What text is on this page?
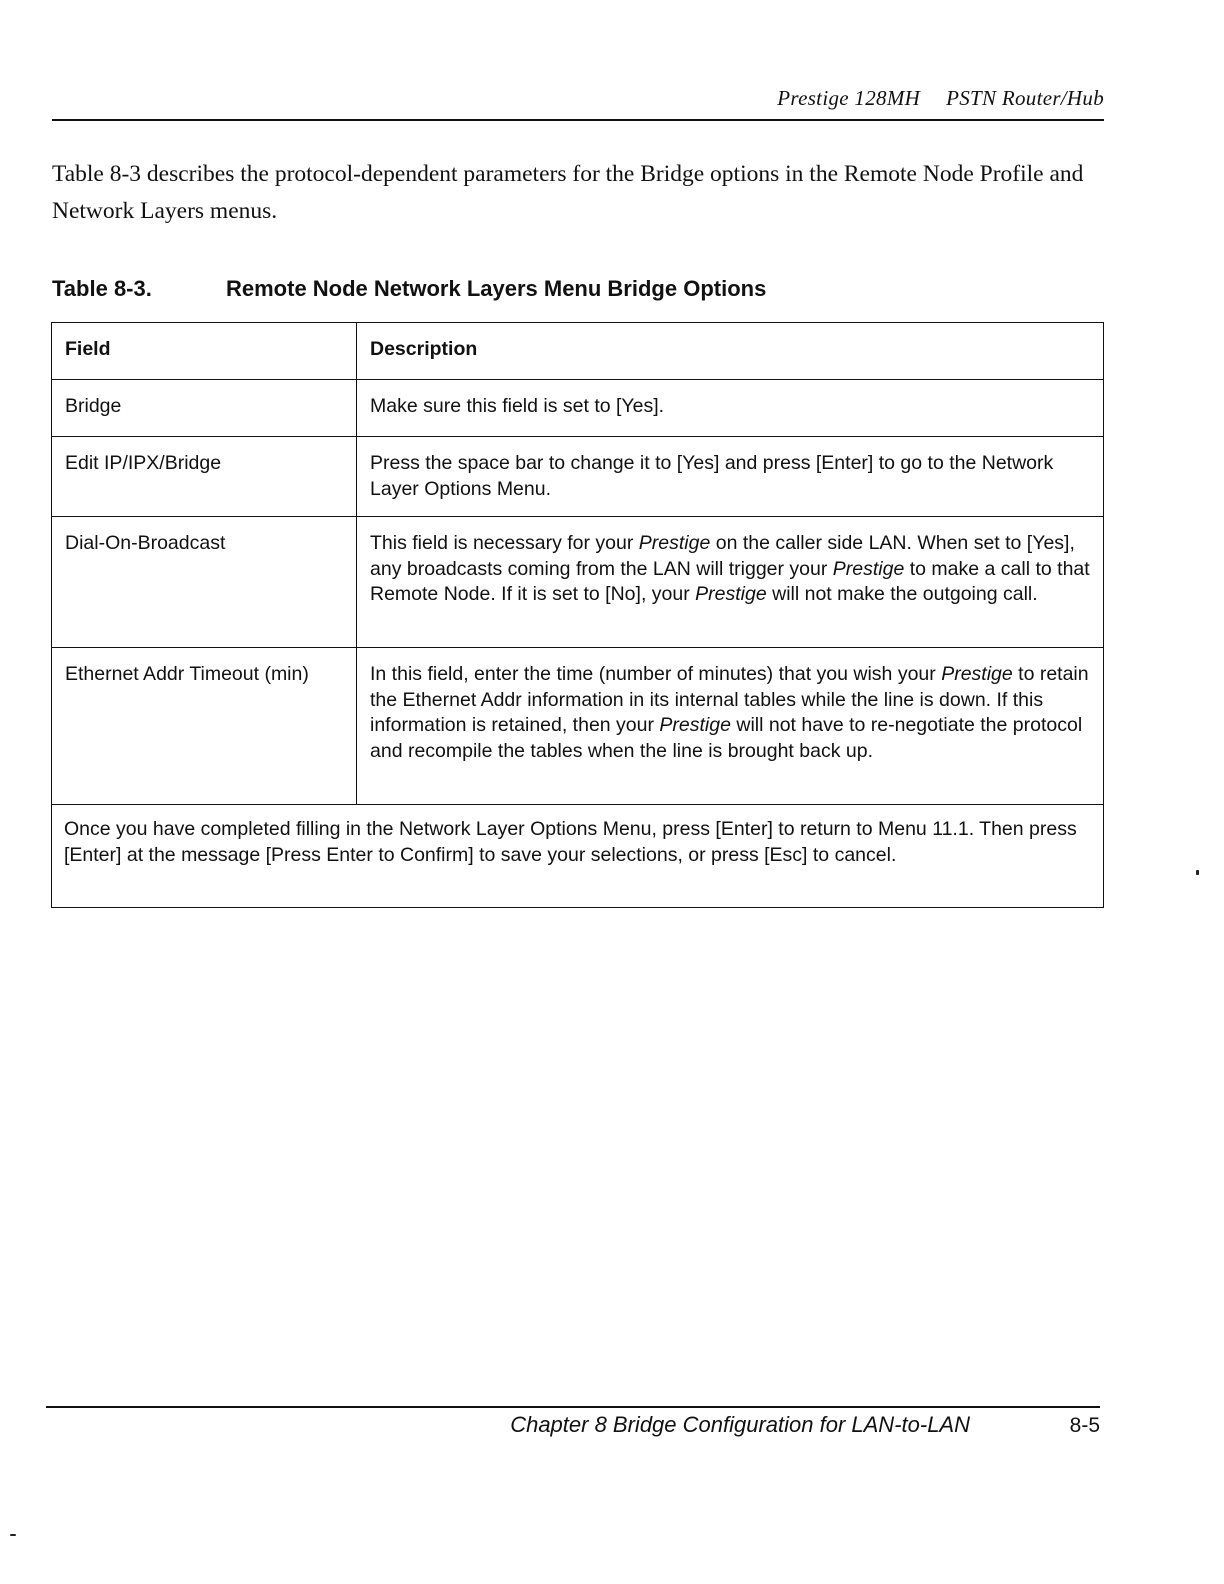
Prestige 128MH PSTN Router/Hub

Table 8-3 describes the protocol-dependent parameters for the Bridge options in the Remote Node Profile and Network Layers menus.

Table 8-3.	Remote Node Network Layers Menu Bridge Options
Field	Description
Bridge	Make sure this field is set to [Yes].
Edit IP/IPX/Bridge	Press the space bar to change it to [Yes] and press [Enter] to go to the Network Layer Options Menu.
Dial-On-Broadcast	This field is necessary for your Prestige on the caller side LAN. When set to [Yes], any broadcasts coming from the LAN will trigger your Prestige to make a call to that Remote Node. If it is set to [No], your Prestige will not make the outgoing call.
Ethernet Addr Timeout (min)	In this field, enter the time (number of minutes) that you wish your Prestige to retain the Ethernet Addr information in its internal tables while the line is down. If this information is retained, then your Prestige will not have to re-negotiate the protocol and recompile the tables when the line is brought back up.
Once you have completed filling in the Network Layer Options Menu, press [Enter] to return to Menu 11.1. Then press [Enter] at the message [Press Enter to Confirm] to save your selections, or press [Esc] to cancel.	
Chapter 8 Bridge Configuration for LAN-to-LAN	8-5
